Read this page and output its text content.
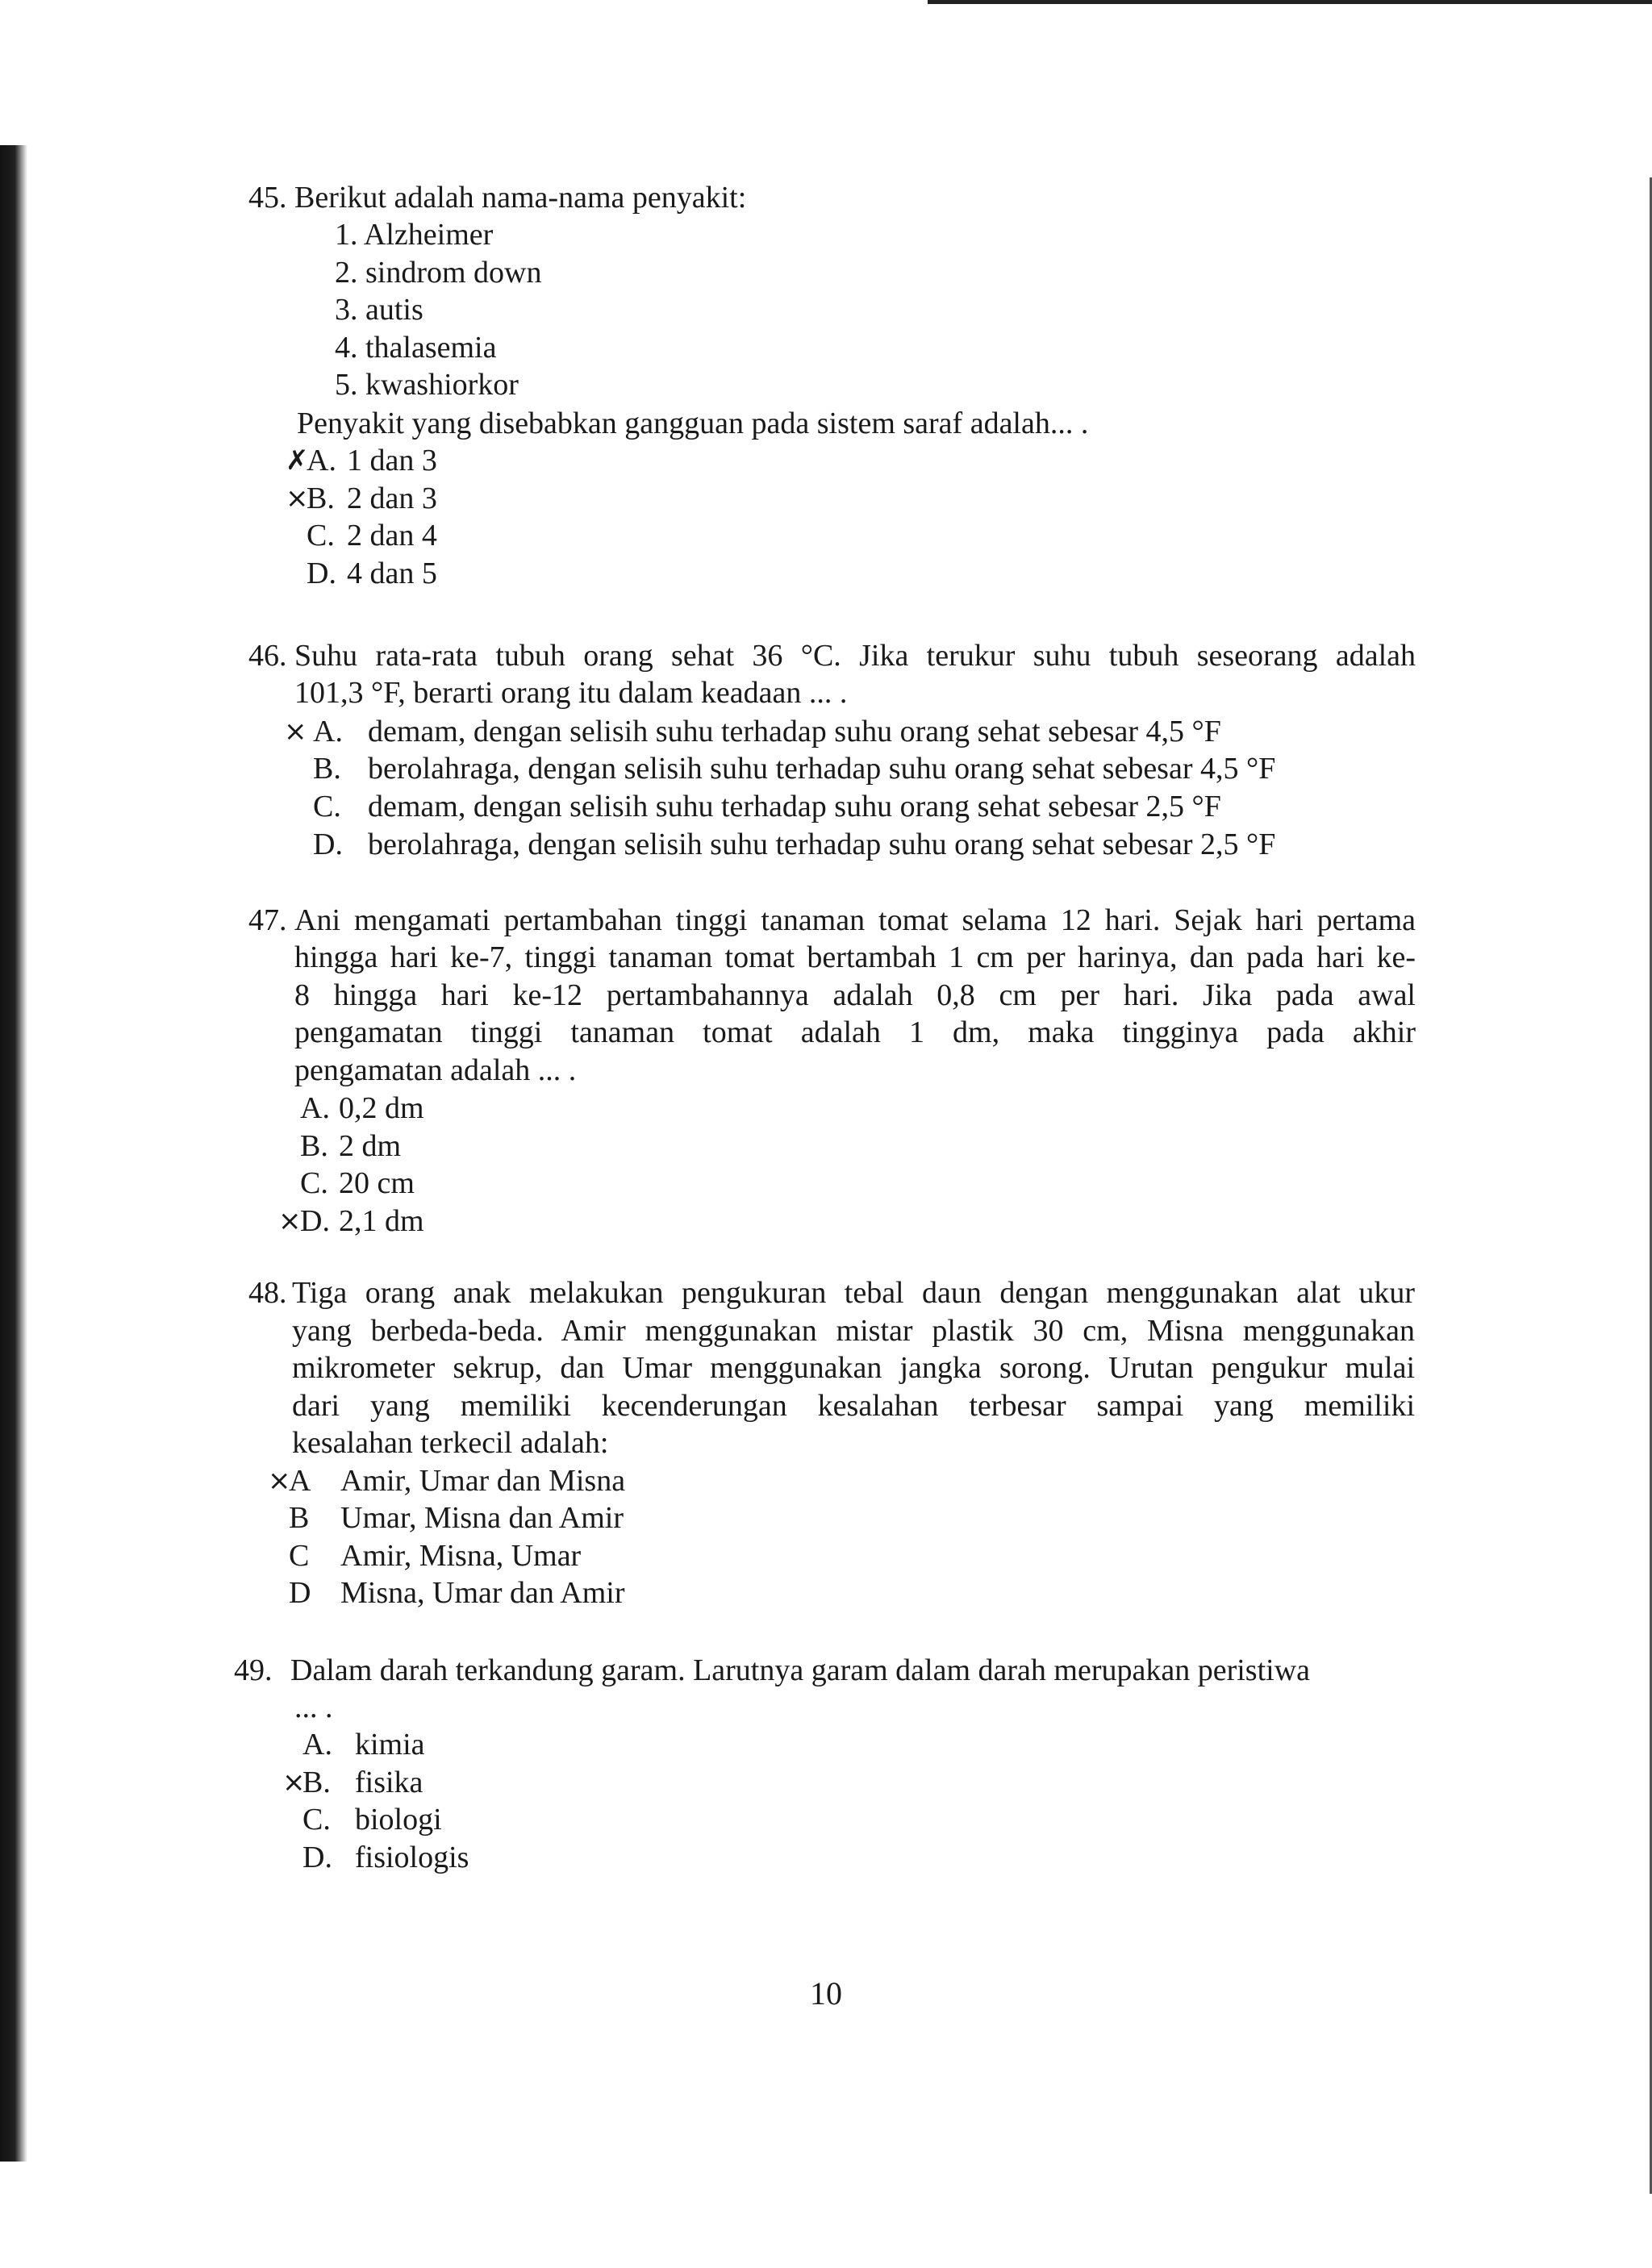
45. Berikut adalah nama-nama penyakit:
1. Alzheimer
2. sindrom down
3. autis
4. thalasemia
5. kwashiorkor
Penyakit yang disebabkan gangguan pada sistem saraf adalah... .
✗
A. 1 dan 3
×
B. 2 dan 3
C. 2 dan 4
D. 4 dan 5
46. Suhu rata-rata tubuh orang sehat 36 °C. Jika terukur suhu tubuh seseorang adalah
101,3 °F, berarti orang itu dalam keadaan ... .
× A. demam, dengan selisih suhu terhadap suhu orang sehat sebesar 4,5 °F
B. berolahraga, dengan selisih suhu terhadap suhu orang sehat sebesar 4,5 °F
C. demam, dengan selisih suhu terhadap suhu orang sehat sebesar 2,5 °F
D. berolahraga, dengan selisih suhu terhadap suhu orang sehat sebesar 2,5 °F
47. Ani mengamati pertambahan tinggi tanaman tomat selama 12 hari. Sejak hari pertama
hingga hari ke-7, tinggi tanaman tomat bertambah 1 cm per harinya, dan pada hari ke-
8 hingga hari ke-12 pertambahannya adalah 0,8 cm per hari. Jika pada awal
pengamatan tinggi tanaman tomat adalah 1 dm, maka tingginya pada akhir
pengamatan adalah ... .
A. 0,2 dm
B. 2 dm
C. 20 cm
×
D. 2,1 dm
48. Tiga orang anak melakukan pengukuran tebal daun dengan menggunakan alat ukur
yang berbeda-beda. Amir menggunakan mistar plastik 30 cm, Misna menggunakan
mikrometer sekrup, dan Umar menggunakan jangka sorong. Urutan pengukur mulai
dari yang memiliki kecenderungan kesalahan terbesar sampai yang memiliki
kesalahan terkecil adalah:
×
A Amir, Umar dan Misna
B Umar, Misna dan Amir
C Amir, Misna, Umar
D Misna, Umar dan Amir
49. Dalam darah terkandung garam. Larutnya garam dalam darah merupakan peristiwa
... .
A. kimia
×
B. fisika
C. biologi
D. fisiologis
10
